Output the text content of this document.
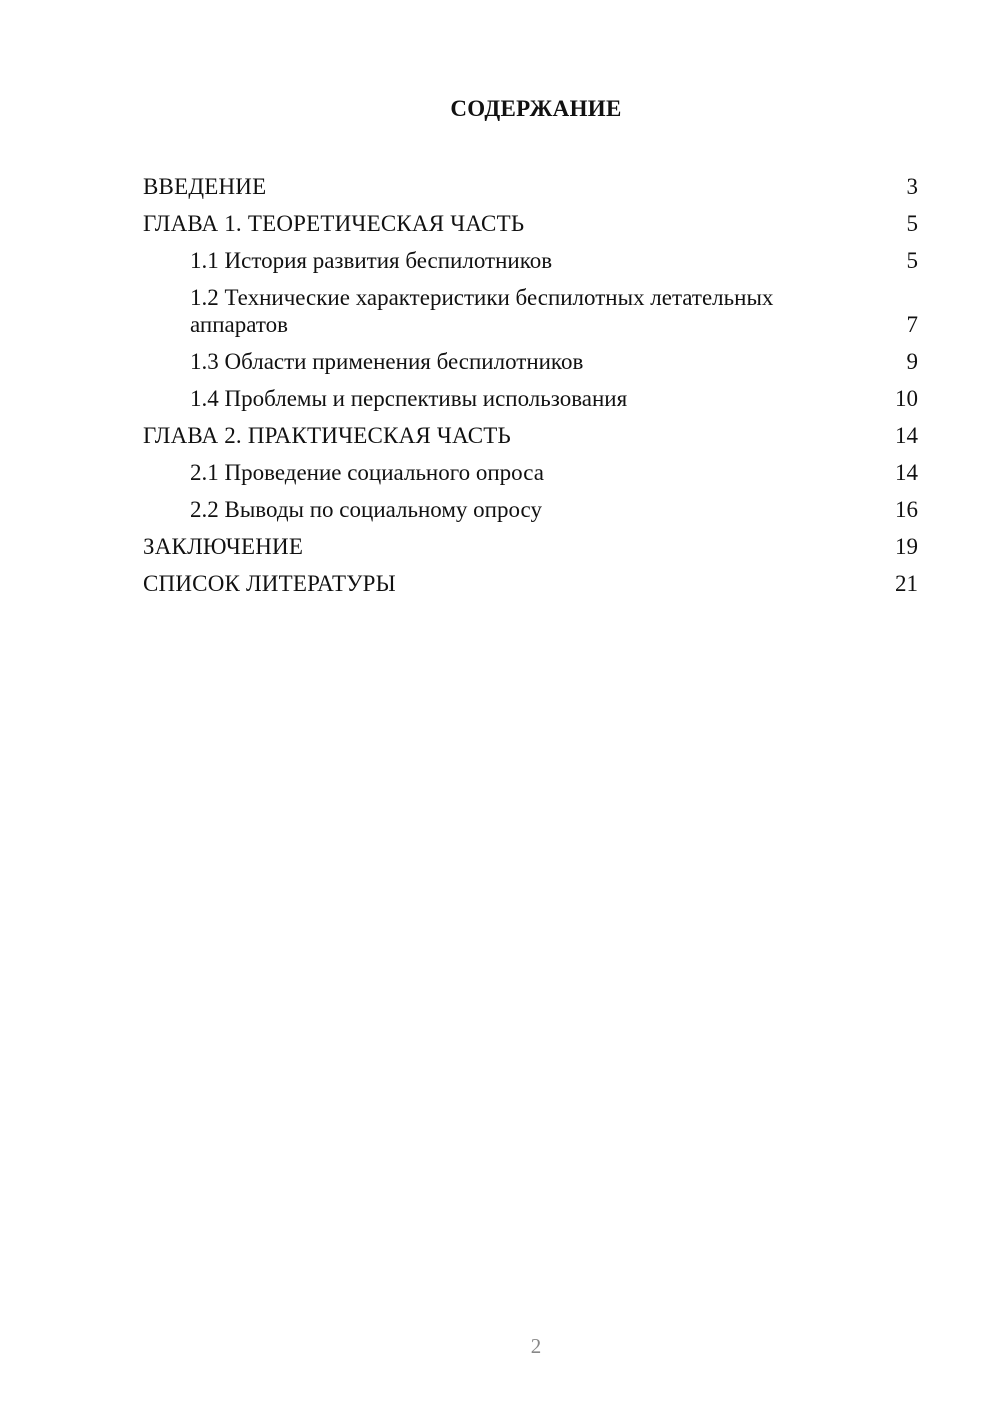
СОДЕРЖАНИЕ
ВВЕДЕНИЕ	3
ГЛАВА 1. ТЕОРЕТИЧЕСКАЯ ЧАСТЬ	5
1.1 История развития беспилотников	5
1.2 Технические характеристики беспилотных летательных аппаратов	7
1.3 Области применения беспилотников	9
1.4 Проблемы и перспективы использования	10
ГЛАВА 2. ПРАКТИЧЕСКАЯ ЧАСТЬ	14
2.1 Проведение социального опроса	14
2.2 Выводы по социальному опросу	16
ЗАКЛЮЧЕНИЕ	19
СПИСОК ЛИТЕРАТУРЫ	21
2
